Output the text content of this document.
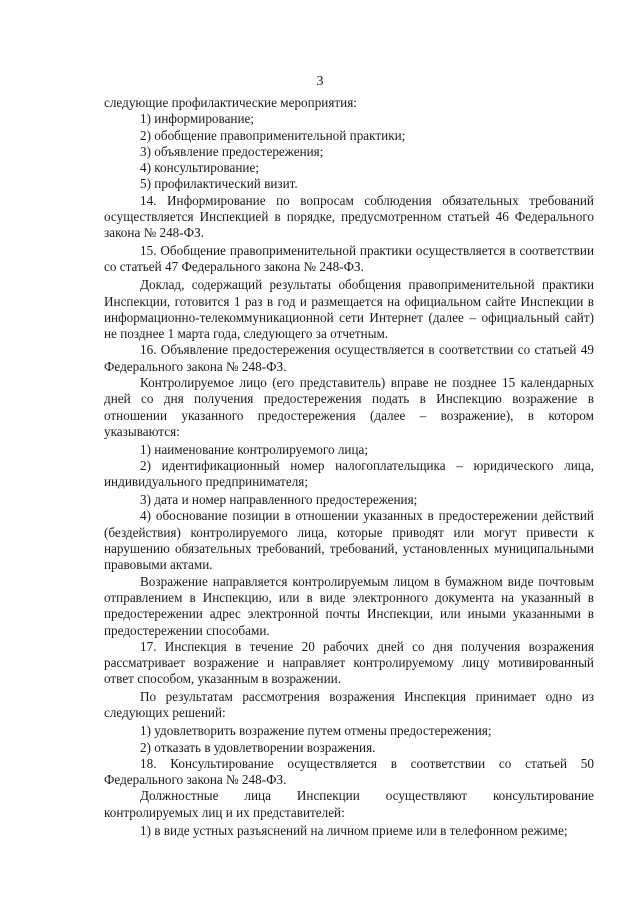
3

следующие профилактические мероприятия:

1) информирование;

2) обобщение правоприменительной практики;

3) объявление предостережения;

4) консультирование;

5) профилактический визит.

14. Информирование по вопросам соблюдения обязательных требований осуществляется Инспекцией в порядке, предусмотренном статьей 46 Федерального закона № 248-ФЗ.

15. Обобщение правоприменительной практики осуществляется в соответствии со статьей 47 Федерального закона № 248-ФЗ.

Доклад, содержащий результаты обобщения правоприменительной практики Инспекции, готовится 1 раз в год и размещается на официальном сайте Инспекции в информационно-телекоммуникационной сети Интернет (далее – официальный сайт) не позднее 1 марта года, следующего за отчетным.

16. Объявление предостережения осуществляется в соответствии со статьей 49 Федерального закона № 248-ФЗ.

Контролируемое лицо (его представитель) вправе не позднее 15 календарных дней со дня получения предостережения подать в Инспекцию возражение в отношении указанного предостережения (далее – возражение), в котором указываются:

1) наименование контролируемого лица;

2) идентификационный номер налогоплательщика – юридического лица, индивидуального предпринимателя;

3) дата и номер направленного предостережения;

4) обоснование позиции в отношении указанных в предостережении действий (бездействия) контролируемого лица, которые приводят или могут привести к нарушению обязательных требований, требований, установленных муниципальными правовыми актами.

Возражение направляется контролируемым лицом в бумажном виде почтовым отправлением в Инспекцию, или в виде электронного документа на указанный в предостережении адрес электронной почты Инспекции, или иными указанными в предостережении способами.

17. Инспекция в течение 20 рабочих дней со дня получения возражения рассматривает возражение и направляет контролируемому лицу мотивированный ответ способом, указанным в возражении.

По результатам рассмотрения возражения Инспекция принимает одно из следующих решений:

1) удовлетворить возражение путем отмены предостережения;

2) отказать в удовлетворении возражения.

18. Консультирование осуществляется в соответствии со статьей 50 Федерального закона № 248-ФЗ.

Должностные лица Инспекции осуществляют консультирование контролируемых лиц и их представителей:

1) в виде устных разъяснений на личном приеме или в телефонном режиме;
